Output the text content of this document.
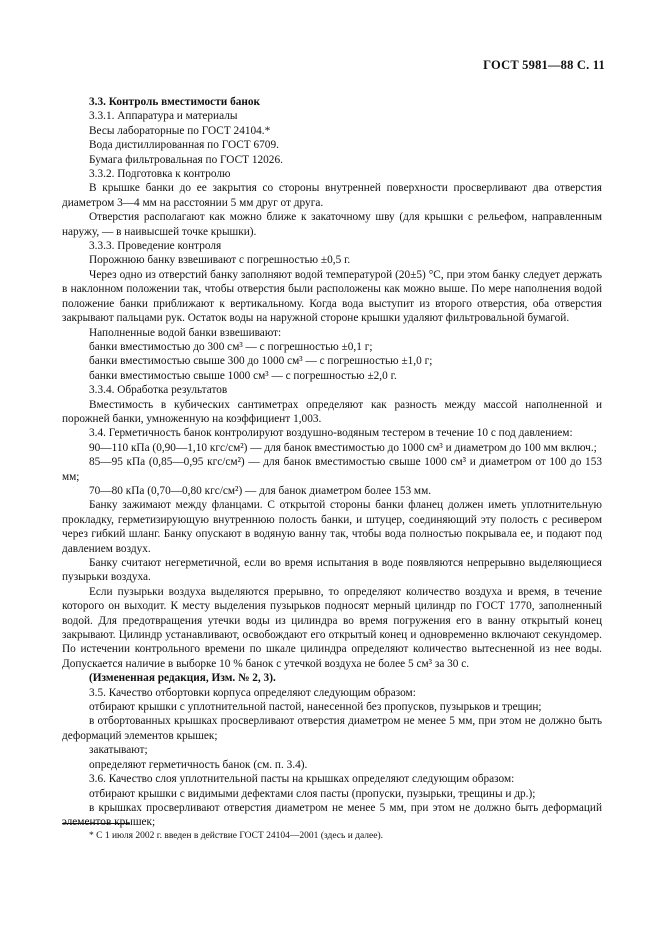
ГОСТ 5981—88 С. 11

3.3. Контроль вместимости банок

3.3.1. Аппаратура и материалы

Весы лабораторные по ГОСТ 24104.*

Вода дистиллированная по ГОСТ 6709.

Бумага фильтровальная по ГОСТ 12026.

3.3.2. Подготовка к контролю

В крышке банки до ее закрытия со стороны внутренней поверхности просверливают два отверстия диаметром 3—4 мм на расстоянии 5 мм друг от друга.

Отверстия располагают как можно ближе к закаточному шву (для крышки с рельефом, направленным наружу, — в наивысшей точке крышки).

3.3.3. Проведение контроля

Порожнюю банку взвешивают с погрешностью ±0,5 г.

Через одно из отверстий банку заполняют водой температурой (20±5) °С, при этом банку следует держать в наклонном положении так, чтобы отверстия были расположены как можно выше. По мере наполнения водой положение банки приближают к вертикальному. Когда вода выступит из второго отверстия, оба отверстия закрывают пальцами рук. Остаток воды на наружной стороне крышки удаляют фильтровальной бумагой.

Наполненные водой банки взвешивают:

банки вместимостью до 300 см³ — с погрешностью ±0,1 г;

банки вместимостью свыше 300 до 1000 см³ — с погрешностью ±1,0 г;

банки вместимостью свыше 1000 см³ — с погрешностью ±2,0 г.

3.3.4. Обработка результатов

Вместимость в кубических сантиметрах определяют как разность между массой наполненной и порожней банки, умноженную на коэффициент 1,003.

3.4. Герметичность банок контролируют воздушно-водяным тестером в течение 10 с под давлением:

90—110 кПа (0,90—1,10 кгс/см²) — для банок вместимостью до 1000 см³ и диаметром до 100 мм включ.;

85—95 кПа (0,85—0,95 кгс/см²) — для банок вместимостью свыше 1000 см³ и диаметром от 100 до 153 мм;

70—80 кПа (0,70—0,80 кгс/см²) — для банок диаметром более 153 мм.

Банку зажимают между фланцами. С открытой стороны банки фланец должен иметь уплотнительную прокладку, герметизирующую внутреннюю полость банки, и штуцер, соединяющий эту полость с ресивером через гибкий шланг. Банку опускают в водяную ванну так, чтобы вода полностью покрывала ее, и подают под давлением воздух.

Банку считают негерметичной, если во время испытания в воде появляются непрерывно выделяющиеся пузырьки воздуха.

Если пузырьки воздуха выделяются прерывно, то определяют количество воздуха и время, в течение которого он выходит. К месту выделения пузырьков подносят мерный цилиндр по ГОСТ 1770, заполненный водой. Для предотвращения утечки воды из цилиндра во время погружения его в ванну открытый конец закрывают. Цилиндр устанавливают, освобождают его открытый конец и одновременно включают секундомер. По истечении контрольного времени по шкале цилиндра определяют количество вытесненной из нее воды. Допускается наличие в выборке 10 % банок с утечкой воздуха не более 5 см³ за 30 с.

(Измененная редакция, Изм. № 2, 3).

3.5. Качество отбортовки корпуса определяют следующим образом:

отбирают крышки с уплотнительной пастой, нанесенной без пропусков, пузырьков и трещин;

в отбортованных крышках просверливают отверстия диаметром не менее 5 мм, при этом не должно быть деформаций элементов крышек;

закатывают;

определяют герметичность банок (см. п. 3.4).

3.6. Качество слоя уплотнительной пасты на крышках определяют следующим образом:

отбирают крышки с видимыми дефектами слоя пасты (пропуски, пузырьки, трещины и др.);

в крышках просверливают отверстия диаметром не менее 5 мм, при этом не должно быть деформаций элементов крышек;

* С 1 июля 2002 г. введен в действие ГОСТ 24104—2001 (здесь и далее).
